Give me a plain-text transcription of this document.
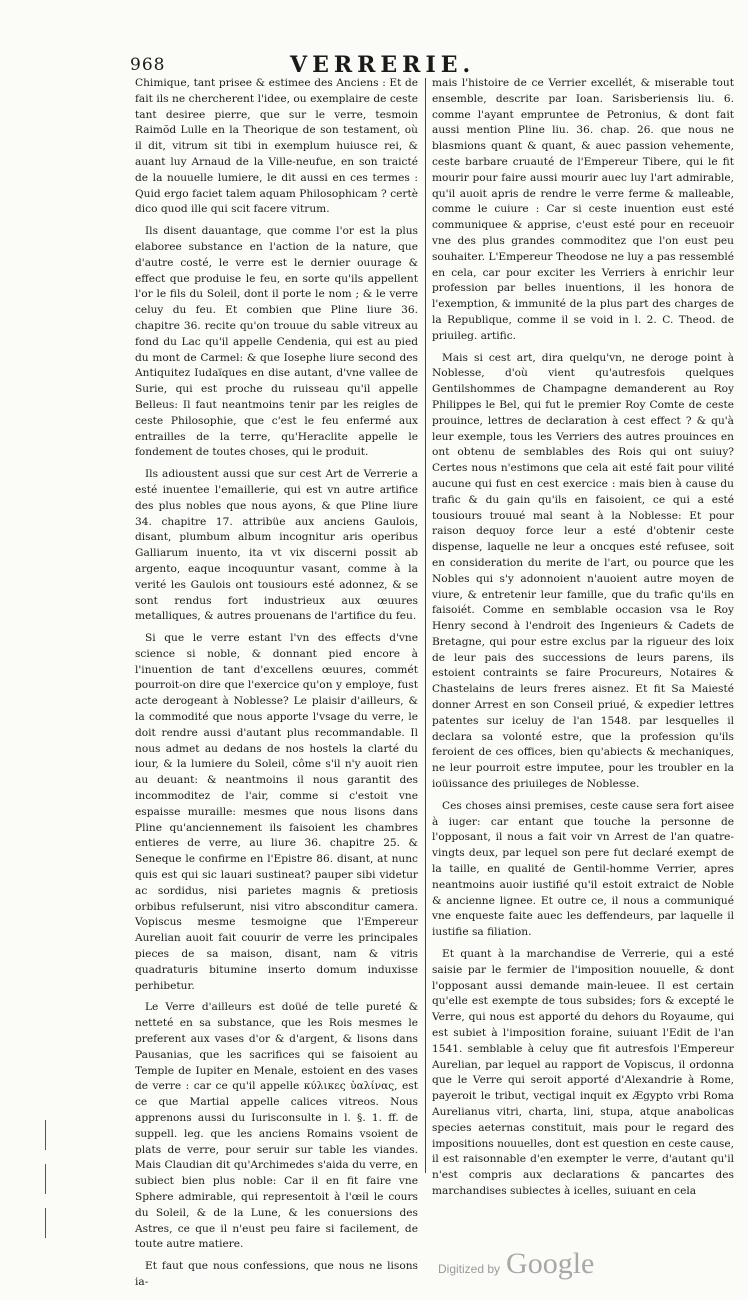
968	VERRERIE.

Chimique, tant prisee & estimee des Anciens : Et de fait ils ne chercherent l'idee, ou exemplaire de ceste tant desiree pierre, que sur le verre, tesmoin Raimõd Lulle en la Theorique de son testament, où il dit, vitrum sit tibi in exemplum huiusce rei, & auant luy Arnaud de la Ville-neufue, en son traicté de la nouuelle lumiere, le dit aussi en ces termes : Quid ergo faciet talem aquam Philosophicam ? certè dico quod ille qui scit facere vitrum.

Ils disent dauantage, que comme l'or est la plus elaboree substance en l'action de la nature, que d'autre costé, le verre est le dernier ouurage & effect que produise le feu, en sorte qu'ils appellent l'or le fils du Soleil, dont il porte le nom ; & le verre celuy du feu. Et combien que Pline liure 36. chapitre 36. recite qu'on trouue du sable vitreux au fond du Lac qu'il appelle Cendenia, qui est au pied du mont de Carmel: & que Iosephe liure second des Antiquitez Iudaïques en dise autant, d'vne vallee de Surie, qui est proche du ruisseau qu'il appelle Belleus: Il faut neantmoins tenir par les reigles de ceste Philosophie, que c'est le feu enfermé aux entrailles de la terre, qu'Heraclite appelle le fondement de toutes choses, qui le produit.

Ils adioustent aussi que sur cest Art de Verrerie a esté inuentee l'emaillerie, qui est vn autre artifice des plus nobles que nous ayons, & que Pline liure 34. chapitre 17. attribüe aux anciens Gaulois, disant, plumbum album incognitur aris operibus Galliarum inuento, ita vt vix discerni possit ab argento, eaque incoquuntur vasant, comme à la verité les Gaulois ont tousiours esté adonnez, & se sont rendus fort industrieux aux œuures metalliques, & autres prouenans de l'artifice du feu.

Si que le verre estant l'vn des effects d'vne science si noble, & donnant pied encore à l'inuention de tant d'excellens œuures, commét pourroit-on dire que l'exercice qu'on y employe, fust acte derogeant à Noblesse? Le plaisir d'ailleurs, & la commodité que nous apporte l'vsage du verre, le doit rendre aussi d'autant plus recommandable. Il nous admet au dedans de nos hostels la clarté du iour, & la lumiere du Soleil, côme s'il n'y auoit rien au deuant: & neantmoins il nous garantit des incommoditez de l'air, comme si c'estoit vne espaisse muraille: mesmes que nous lisons dans Pline qu'anciennement ils faisoient les chambres entieres de verre, au liure 36. chapitre 25. & Seneque le confirme en l'Epistre 86. disant, at nunc quis est qui sic lauari sustineat? pauper sibi videtur ac sordidus, nisi parietes magnis & pretiosis orbibus refulserunt, nisi vitro absconditur camera. Vopiscus mesme tesmoigne que l'Empereur Aurelian auoit fait couurir de verre les principales pieces de sa maison, disant, nam & vitris quadraturis bitumine inserto domum induxisse perhibetur.

Le Verre d'ailleurs est doüé de telle pureté & netteté en sa substance, que les Rois mesmes le preferent aux vases d'or & d'argent, & lisons dans Pausanias, que les sacrifices qui se faisoient au Temple de Iupiter en Menale, estoient en des vases de verre : car ce qu'il appelle κύλικες ὑαλίνας, est ce que Martial appelle calices vitreos. Nous apprenons aussi du Iurisconsulte in l. §. 1. ff. de suppell. leg. que les anciens Romains vsoient de plats de verre, pour seruir sur table les viandes. Mais Claudian dit qu'Archimedes s'aida du verre, en subiect bien plus noble: Car il en fit faire vne Sphere admirable, qui representoit à l'œil le cours du Soleil, & de la Lune, & les conuersions des Astres, ce que il n'eust peu faire si facilement, de toute autre matiere.

Et faut que nous confessions, que nous ne lisons ia-

mais l'histoire de ce Verrier excellét, & miserable tout ensemble, descrite par Ioan. Sarisberiensis liu. 6. comme l'ayant empruntee de Petronius, & dont fait aussi mention Pline liu. 36. chap. 26. que nous ne blasmions quant & quant, & auec passion vehemente, ceste barbare cruauté de l'Empereur Tibere, qui le fit mourir pour faire aussi mourir auec luy l'art admirable, qu'il auoit apris de rendre le verre ferme & malleable, comme le cuiure : Car si ceste inuention eust esté communiquee & apprise, c'eust esté pour en receuoir vne des plus grandes commoditez que l'on eust peu souhaiter. L'Empereur Theodose ne luy a pas ressemblé en cela, car pour exciter les Verriers à enrichir leur profession par belles inuentions, il les honora de l'exemption, & immunité de la plus part des charges de la Republique, comme il se void in l. 2. C. Theod. de priuileg. artific.

Mais si cest art, dira quelqu'vn, ne deroge point à Noblesse, d'où vient qu'autresfois quelques Gentilshommes de Champagne demanderent au Roy Philippes le Bel, qui fut le premier Roy Comte de ceste prouince, lettres de declaration à cest effect ? & qu'à leur exemple, tous les Verriers des autres prouinces en ont obtenu de semblables des Rois qui ont suiuy? Certes nous n'estimons que cela ait esté fait pour vilité aucune qui fust en cest exercice : mais bien à cause du trafic & du gain qu'ils en faisoient, ce qui a esté tousiours trouué mal seant à la Noblesse: Et pour raison dequoy force leur a esté d'obtenir ceste dispense, laquelle ne leur a oncques esté refusee, soit en consideration du merite de l'art, ou pource que les Nobles qui s'y adonnoient n'auoient autre moyen de viure, & entretenir leur famille, que du trafic qu'ils en faisoiét. Comme en semblable occasion vsa le Roy Henry second à l'endroit des Ingenieurs & Cadets de Bretagne, qui pour estre exclus par la rigueur des loix de leur pais des successions de leurs parens, ils estoient contraints se faire Procureurs, Notaires & Chastelains de leurs freres aisnez. Et fit Sa Maiesté donner Arrest en son Conseil priué, & expedier lettres patentes sur iceluy de l'an 1548. par lesquelles il declara sa volonté estre, que la profession qu'ils feroient de ces offices, bien qu'abiects & mechaniques, ne leur pourroit estre imputee, pour les troubler en la ioüissance des priuileges de Noblesse.

Ces choses ainsi premises, ceste cause sera fort aisee à iuger: car entant que touche la personne de l'opposant, il nous a fait voir vn Arrest de l'an quatre-vingts deux, par lequel son pere fut declaré exempt de la taille, en qualité de Gentil-homme Verrier, apres neantmoins auoir iustifié qu'il estoit extraict de Noble & ancienne lignee. Et outre ce, il nous a communiqué vne enqueste faite auec les deffendeurs, par laquelle il iustifie sa filiation.

Et quant à la marchandise de Verrerie, qui a esté saisie par le fermier de l'imposition nouuelle, & dont l'opposant aussi demande main-leuee. Il est certain qu'elle est exempte de tous subsides; fors & excepté le Verre, qui nous est apporté du dehors du Royaume, qui est subiet à l'imposition foraine, suiuant l'Edit de l'an 1541. semblable à celuy que fit autresfois l'Empereur Aurelian, par lequel au rapport de Vopiscus, il ordonna que le Verre qui seroit apporté d'Alexandrie à Rome, payeroit le tribut, vectigal inquit ex Ægypto vrbi Roma Aurelianus vitri, charta, lini, stupa, atque anabolicas species aeternas constituit, mais pour le regard des impositions nouuelles, dont est question en ceste cause, il est raisonnable d'en exempter le verre, d'autant qu'il n'est compris aux declarations & pancartes des marchandises subiectes à icelles, suiuant en cela

Digitized by Google
